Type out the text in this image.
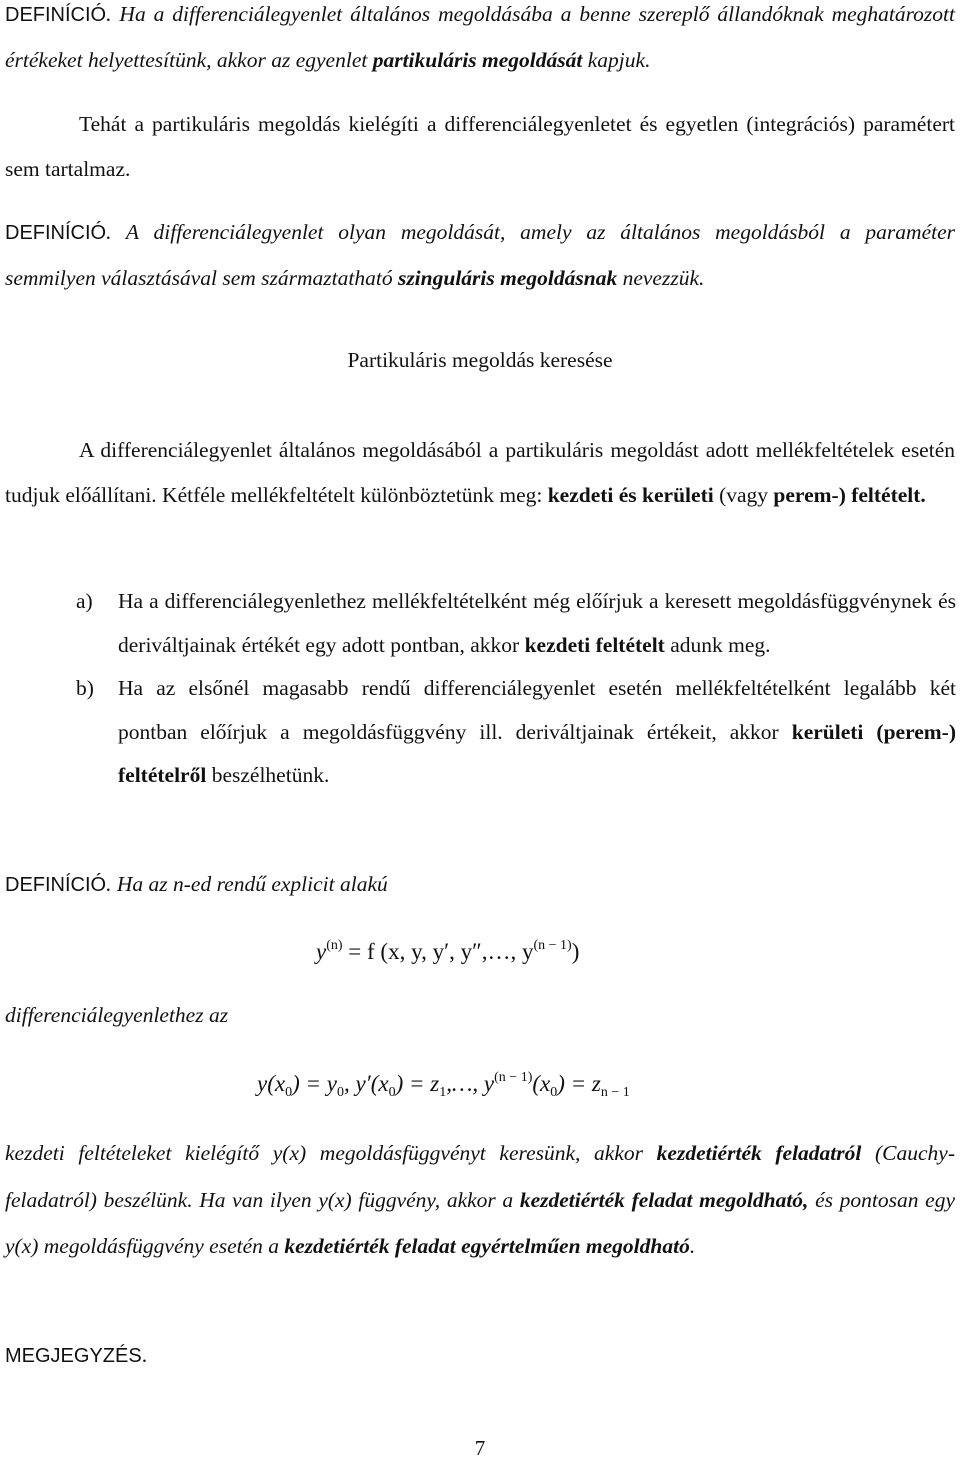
DEFINÍCIÓ. Ha a differenciálegyenlet általános megoldásába a benne szereplő állandóknak meghatározott értékeket helyettesítünk, akkor az egyenlet partikuláris megoldását kapjuk.
Tehát a partikuláris megoldás kielégíti a differenciálegyenletet és egyetlen (integrációs) paramétert sem tartalmaz.
DEFINÍCIÓ. A differenciálegyenlet olyan megoldását, amely az általános megoldásból a paraméter semmilyen választásával sem származtatható szinguláris megoldásnak nevezzük.
Partikuláris megoldás keresése
A differenciálegyenlet általános megoldásából a partikuláris megoldást adott mellékfeltételek esetén tudjuk előállítani. Kétféle mellékfeltételt különböztetünk meg: kezdeti és kerületi (vagy perem-) feltételt.
a) Ha a differenciálegyenlethez mellékfeltételként még előírjuk a keresett megoldásfüggvénynek és deriváltjainak értékét egy adott pontban, akkor kezdeti feltételt adunk meg.
b) Ha az elsőnél magasabb rendű differenciálegyenlet esetén mellékfeltételként legalább két pontban előírjuk a megoldásfüggvény ill. deriváltjainak értékeit, akkor kerületi (perem-) feltételről beszélhetünk.
DEFINÍCIÓ. Ha az n-ed rendű explicit alakú
$y^{(n)} = f$ (x, y, y′, y″,…, $y^{(n - 1)}$)
differenciálegyenlethez az
$y(x_0) = y_0$, $y'(x_0)$ = $z_1,\dots$, $y^{(n - 1)}(x_0) = z_{n - 1}$
kezdeti feltételeket kielégítő y(x) megoldásfüggvényt keresünk, akkor kezdetiérték feladatról (Cauchy-feladatról) beszélünk. Ha van ilyen y(x) függvény, akkor a kezdetiérték feladat megoldható, és pontosan egy y(x) megoldásfüggvény esetén a kezdetiérték feladat egyértelműen megoldható.
MEGJEGYZÉS.
7
